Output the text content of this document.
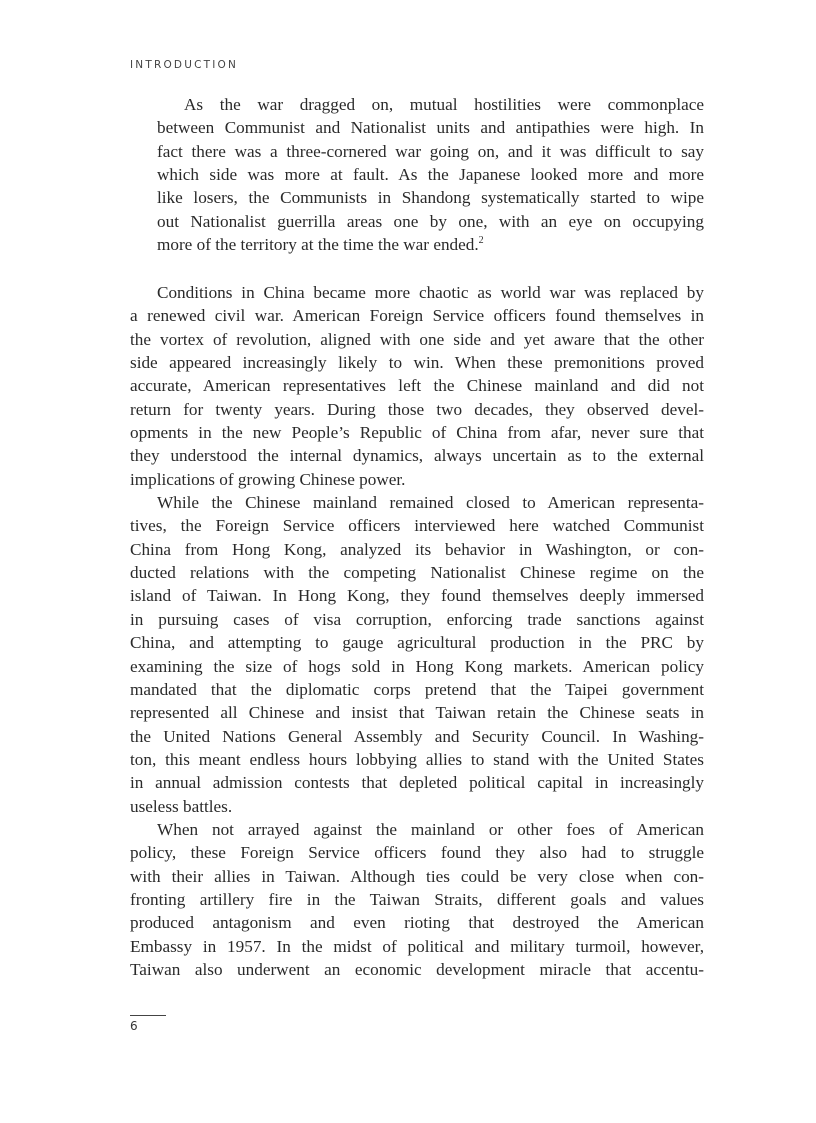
INTRODUCTION
As the war dragged on, mutual hostilities were commonplace
between Communist and Nationalist units and antipathies were high. In
fact there was a three-cornered war going on, and it was difficult to say
which side was more at fault. As the Japanese looked more and more
like losers, the Communists in Shandong systematically started to wipe
out Nationalist guerrilla areas one by one, with an eye on occupying
more of the territory at the time the war ended.$^2$
Conditions in China became more chaotic as world war was replaced by
a renewed civil war. American Foreign Service officers found themselves in
the vortex of revolution, aligned with one side and yet aware that the other
side appeared increasingly likely to win. When these premonitions proved
accurate, American representatives left the Chinese mainland and did not
return for twenty years. During those two decades, they observed devel-
opments in the new People’s Republic of China from afar, never sure that
they understood the internal dynamics, always uncertain as to the external
implications of growing Chinese power.
While the Chinese mainland remained closed to American representa-
tives, the Foreign Service officers interviewed here watched Communist
China from Hong Kong, analyzed its behavior in Washington, or con-
ducted relations with the competing Nationalist Chinese regime on the
island of Taiwan. In Hong Kong, they found themselves deeply immersed
in pursuing cases of visa corruption, enforcing trade sanctions against
China, and attempting to gauge agricultural production in the PRC by
examining the size of hogs sold in Hong Kong markets. American policy
mandated that the diplomatic corps pretend that the Taipei government
represented all Chinese and insist that Taiwan retain the Chinese seats in
the United Nations General Assembly and Security Council. In Washing-
ton, this meant endless hours lobbying allies to stand with the United States
in annual admission contests that depleted political capital in increasingly
useless battles.
When not arrayed against the mainland or other foes of American
policy, these Foreign Service officers found they also had to struggle
with their allies in Taiwan. Although ties could be very close when con-
fronting artillery fire in the Taiwan Straits, different goals and values
produced antagonism and even rioting that destroyed the American
Embassy in 1957. In the midst of political and military turmoil, however,
Taiwan also underwent an economic development miracle that accentu-
6
